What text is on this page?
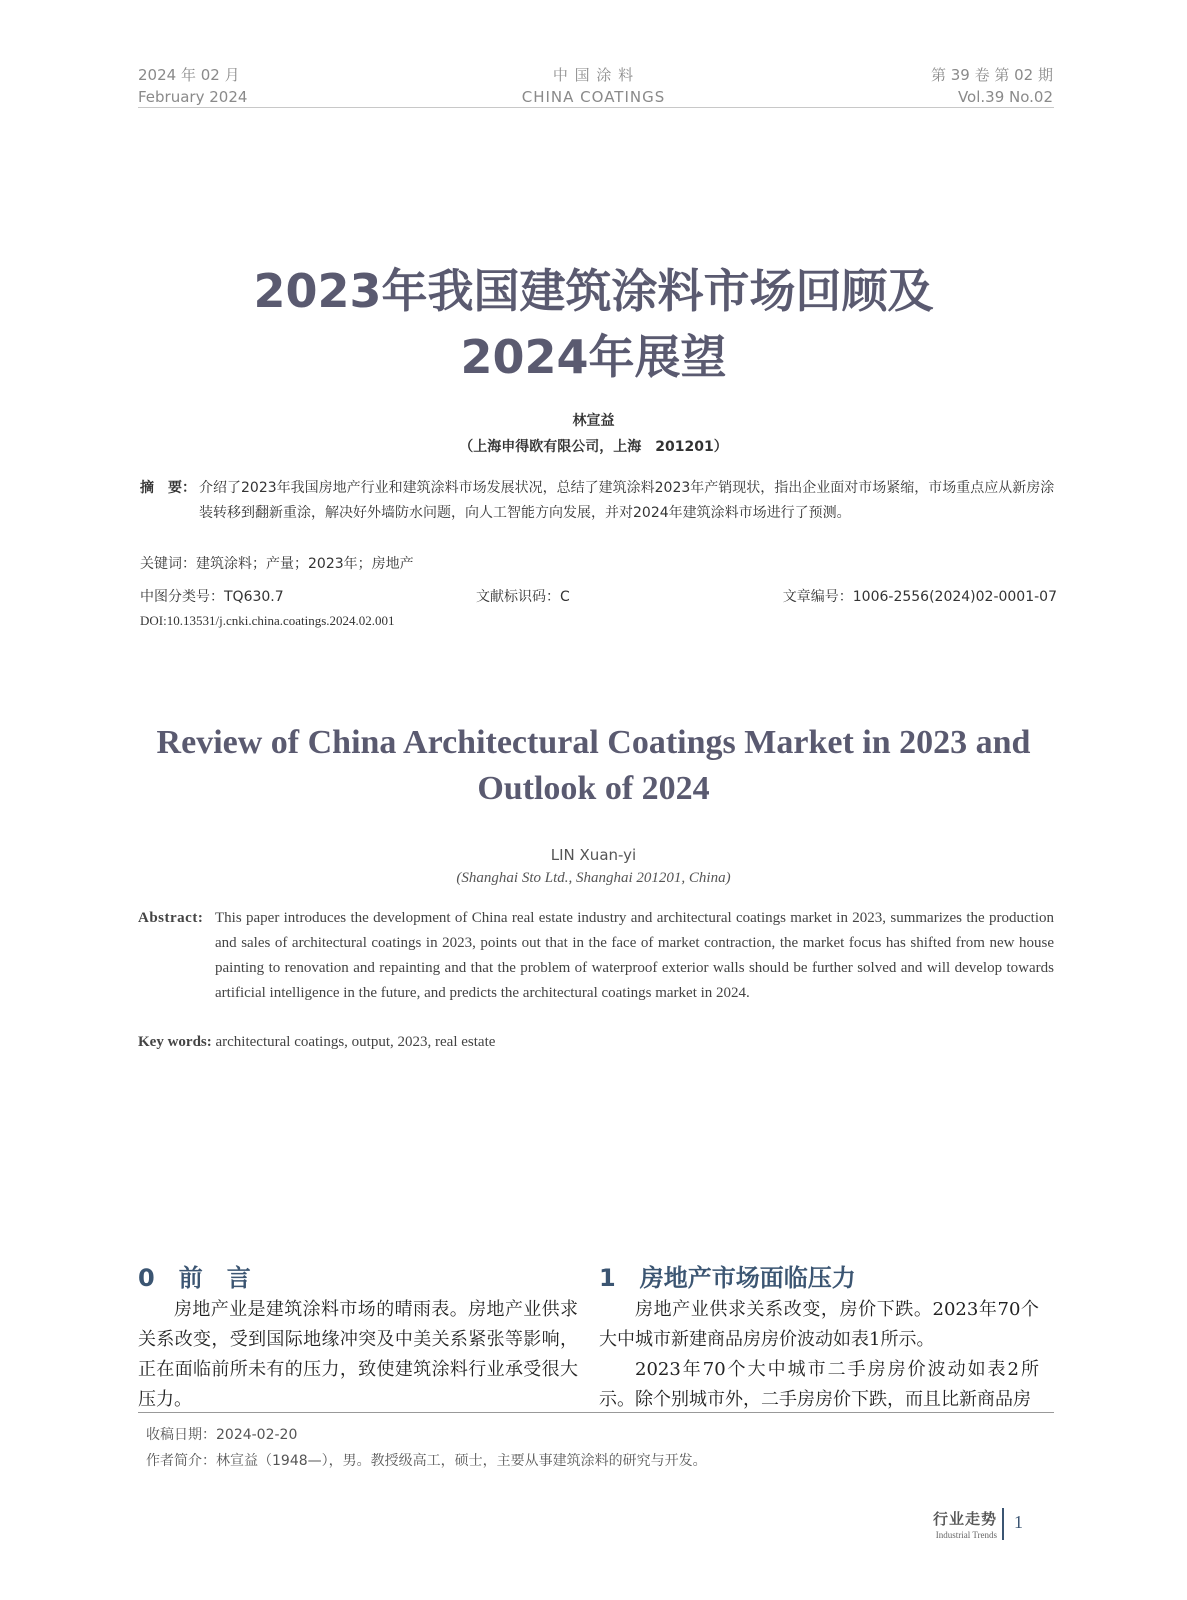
2024 年 02 月
February 2024
中 国 涂 料
CHINA COATINGS
第 39 卷 第 02 期
Vol.39 No.02
2023年我国建筑涂料市场回顾及
2024年展望
林宣益
（上海申得欧有限公司，上海　201201）
摘　要： 介绍了2023年我国房地产行业和建筑涂料市场发展状况，总结了建筑涂料2023年产销现状，指出企业面对市场紧缩，市场重点应从新房涂装转移到翻新重涂，解决好外墙防水问题，向人工智能方向发展，并对2024年建筑涂料市场进行了预测。
关键词：建筑涂料；产量；2023年；房地产
中图分类号：TQ630.7	文献标识码：C	文章编号：1006-2556(2024)02-0001-07
DOI:10.13531/j.cnki.china.coatings.2024.02.001
Review of China Architectural Coatings Market in 2023 and
Outlook of 2024
LIN Xuan-yi
(Shanghai Sto Ltd., Shanghai 201201, China)
Abstract: This paper introduces the development of China real estate industry and architectural coatings market in 2023, summarizes the production and sales of architectural coatings in 2023, points out that in the face of market contraction, the market focus has shifted from new house painting to renovation and repainting and that the problem of waterproof exterior walls should be further solved and will develop towards artificial intelligence in the future, and predicts the architectural coatings market in 2024.
Key words: architectural coatings, output, 2023, real estate
0　前　言	1　房地产市场面临压力

房地产业是建筑涂料市场的晴雨表。房地产业供求关系改变，受到国际地缘冲突及中美关系紧张等影响，正在面临前所未有的压力，致使建筑涂料行业承受很大压力。

房地产业供求关系改变，房价下跌。2023年70个大中城市新建商品房房价波动如表1所示。

2023年70个大中城市二手房房价波动如表2所示。除个别城市外，二手房房价下跌，而且比新商品房

收稿日期：2024-02-20
作者简介：林宣益（1948—），男。教授级高工，硕士，主要从事建筑涂料的研究与开发。
行业走势
Industrial Trends
1
